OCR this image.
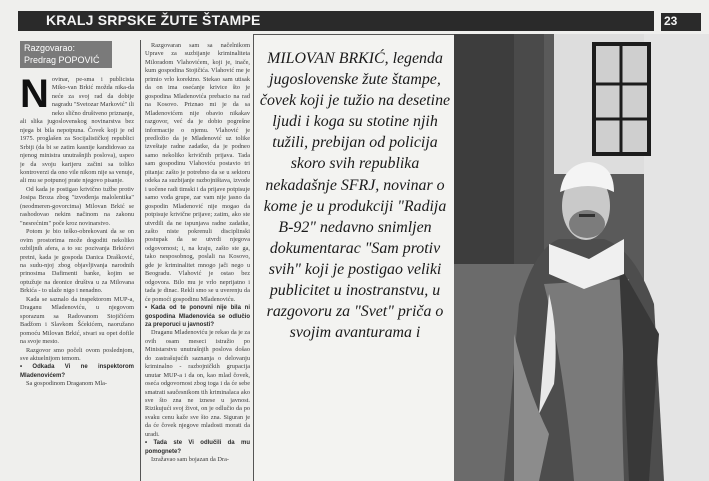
KRALJ SRPSKE ŽUTE ŠTAMPE	23
Razgovarao:
Predrag POPOVIĆ
N ovinar, pe-sma i publicista Miko-van Brkić možda nika-da neće za svoj rad da dobije nagradu "Svetozar Marković" ili neko slično društveno priznanje, ali slika jugoslovenskog novinarstva bez njega bi bila nepotpuna. Čovek koji je od 1975. proglašen za Socijalističkoj republici Srbiji (da bi se zatim kasnije kandidovao za njenog ministra unutrašnjih poslova), uspeo je da svoju karijeru začini sa toliko kontroverzi da ono vile nikom nije sa venuje, ali mu se potpunoj prate njegovo pisanje.

Od kada je postigao krivično tužbe protiv Josipa Broza zbog "izvođenja malolentika" (neodmeren-govorcima) Milovan Brkić se rashodovao nekim načinom na zakonu "nesrećnim" poče kroz novinarstvo.

Potom je bio teško-obrekovani da se on ovim prostorima može dogoditi nekoliko ozbiljnih afera, a to su: pozivanja Brkićevi pretni, kada je gospoda Danica Drašković, na sudu-njoj zbog objavljivanja narodnih prinosima Dafimenti banke, kojim se optužuje na deonice društva u za Milovana Brkića - to ulaže nigo i nenadno.

Kada se saznalo da inspektorom MUP-a, Draganu Mladenoviću, u njegovom sporazum sa Radovanom Stojičićem Badžom i Slavkom Šćekićem, naoružano pomoću Milovan Brkić, stvari su opet dofile na svoje mesto.

Razgovor smo počeli ovom poslednjom, sve aktuelnijom temom.

• Odkada Vi ne inspektorom Mladenovićem?

Sa gospodinom Draganom Mla-

Razgovaran sam sa načelnikom Uprave za suzbijanje kriminaliteta Miloradom Vlahovićem, koji je, inače, kum gospodina Stojičića. Vlahović me je primio vrlo korektno. Stekao sam utisak da on ima osećanje krivice što je gospodina Mladenovića prebacio na rad na Kosovo. Priznao mi je da sa Mladenovićem nije obavio nikakav razgovor, već da je dobio pogrešne informacije o njemu. Vlahović je predložio da je Mladenović uz tolike izveštaje radne zadatke, da je podneo samo nekoliko krivičnih prijava. Tada sam gospodinu Vlahoviću postavio tri pitanja: zašto je potrebno da se u sektoru odeka za suzbijanje razbojništava, izvode i uočene radi timski i da prijave potpisuje samo vođa grupe, zar vam nije jasno da gospodin Mladenović nije mogao da potpisuje krivične prijave; zatim, ako ste utvrdili da ne ispunjava radne zadatke, zašto niste pokrenuli disciplinski postupak da se utvrdi njegova odgovornost; i, na kraju, zašto ste ga, tako nesposobnog, poslali na Kosovo, gde je kriminalitet mnogo jači nego u Beogradu. Vlahović je ostao bez odgovora. Bilo mu je vrlo neprijatno i tada je dinac. Rekli smo se u uverenju da će pomoći gospodinu Mladenoviću.

• Kada od te ponovni nije bila ni gospodina Mladenovića se odlučio za preporuci u javnosti?

Draganu Mladenoviću je rekao da je za ovih osam meseci istražio po Ministarstvu unutrašnjih poslova došao do zastrašujućih saznanja o delovanju kriminalno - razbojničkih grupacija unutar MUP-a i da on, kao mlad čovek, oseća odgovornost zbog toga i da će sebe smatrati saučesnikom tih kriminalaca ako sve što zna ne iznese u javnost. Rizikujući svoj život, on je odlučio da po svaku cenu kaže sve što zna. Siguran je da će čovek njegove mladosti morati da uradi.

• Tada ste Vi odlučili da mu pomognete?

Izražavao sam bojazan da Dra-

MILOVAN BRKIĆ, legenda jugoslovenske žute štampe, čovek koji je tužio na desetine ljudi i koga su stotine njih tužili, prebijan od policija skoro svih republika nekadašnje SFRJ, novinar o kome je u produkciji "Radija B-92" nedavno snimljen dokumentarac "Sam protiv svih" koji je postigao veliki publicitet u inostranstvu, u razgovoru za "Svet" priča o svojim avanturama i
